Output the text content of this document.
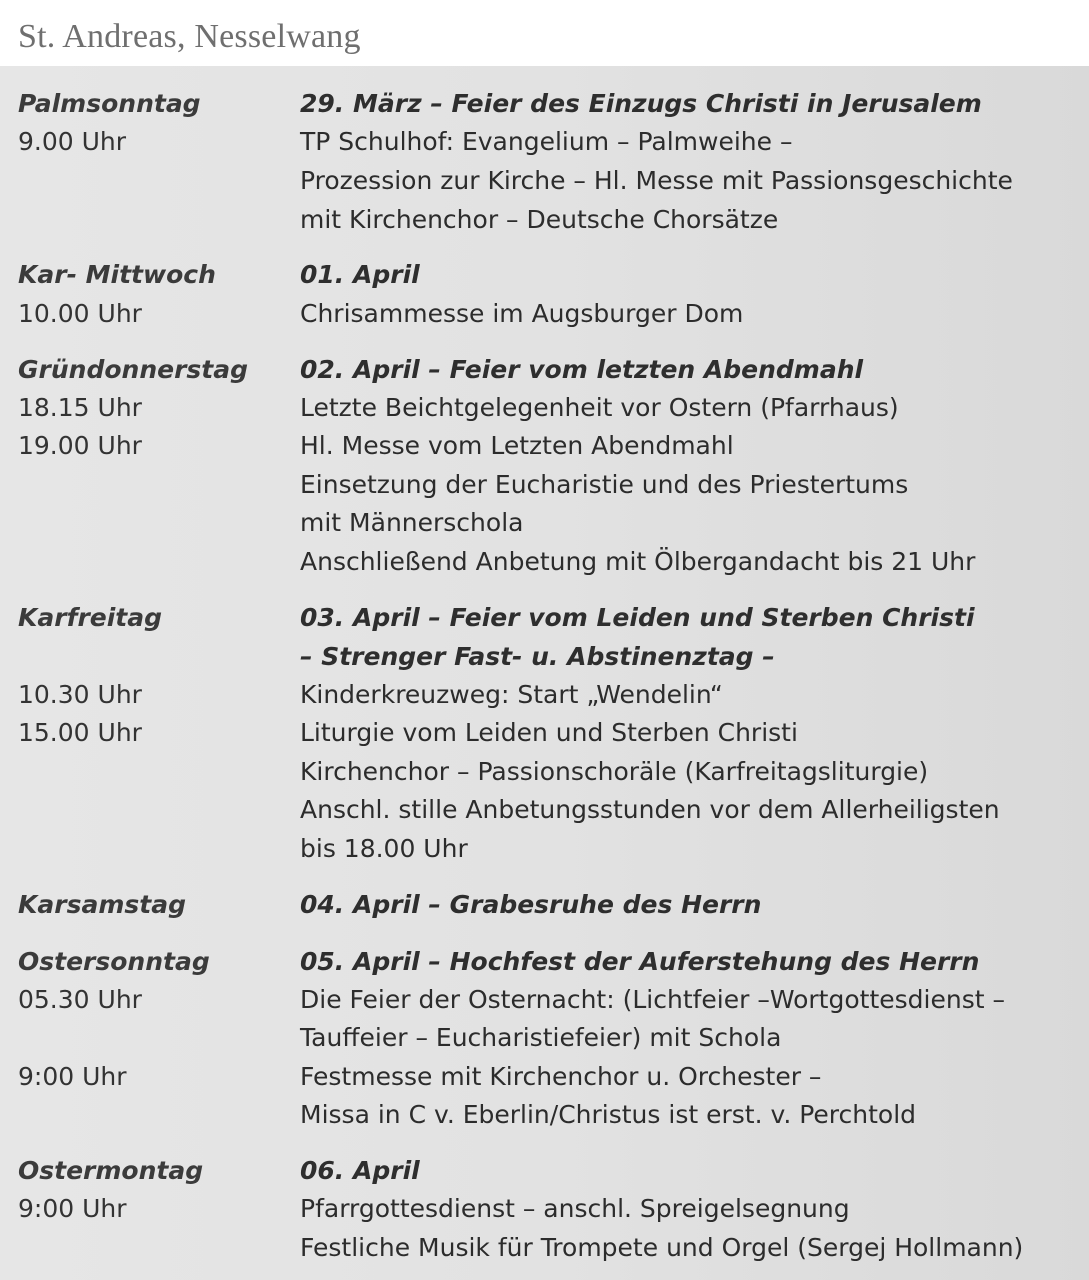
St. Andreas, Nesselwang
Palmsonntag	29. März – Feier des Einzugs Christi in Jerusalem
9.00 Uhr	TP Schulhof: Evangelium – Palmweihe –
Prozession zur Kirche – Hl. Messe mit Passionsgeschichte
mit Kirchenchor – Deutsche Chorsätze
Kar- Mittwoch	01. April
10.00 Uhr	Chrisammesse im Augsburger Dom
Gründonnerstag 02. April – Feier vom letzten Abendmahl
18.15 Uhr	Letzte Beichtgelegenheit vor Ostern (Pfarrhaus)
19.00 Uhr	Hl. Messe vom Letzten Abendmahl
Einsetzung der Eucharistie und des Priestertums
mit Männerschola
Anschließend Anbetung mit Ölbergandacht bis 21 Uhr
Karfreitag	03. April – Feier vom Leiden und Sterben Christi
– Strenger Fast- u. Abstinenztag –
10.30 Uhr	Kinderkreuzweg: Start „Wendelin“
15.00 Uhr	Liturgie vom Leiden und Sterben Christi
Kirchenchor – Passionschoräle (Karfreitagsliturgie)
Anschl. stille Anbetungsstunden vor dem Allerheiligsten
bis 18.00 Uhr
Karsamstag	04. April – Grabesruhe des Herrn
Ostersonntag	05. April – Hochfest der Auferstehung des Herrn
05.30 Uhr	Die Feier der Osternacht: (Lichtfeier –Wortgottesdienst –
Tauffeier – Eucharistiefeier) mit Schola
9:00 Uhr	Festmesse mit Kirchenchor u. Orchester –
Missa in C v. Eberlin/Christus ist erst. v. Perchtold
Ostermontag	06. April
9:00 Uhr	Pfarrgottesdienst – anschl. Spreigelsegnung
Festliche Musik für Trompete und Orgel (Sergej Hollmann)
